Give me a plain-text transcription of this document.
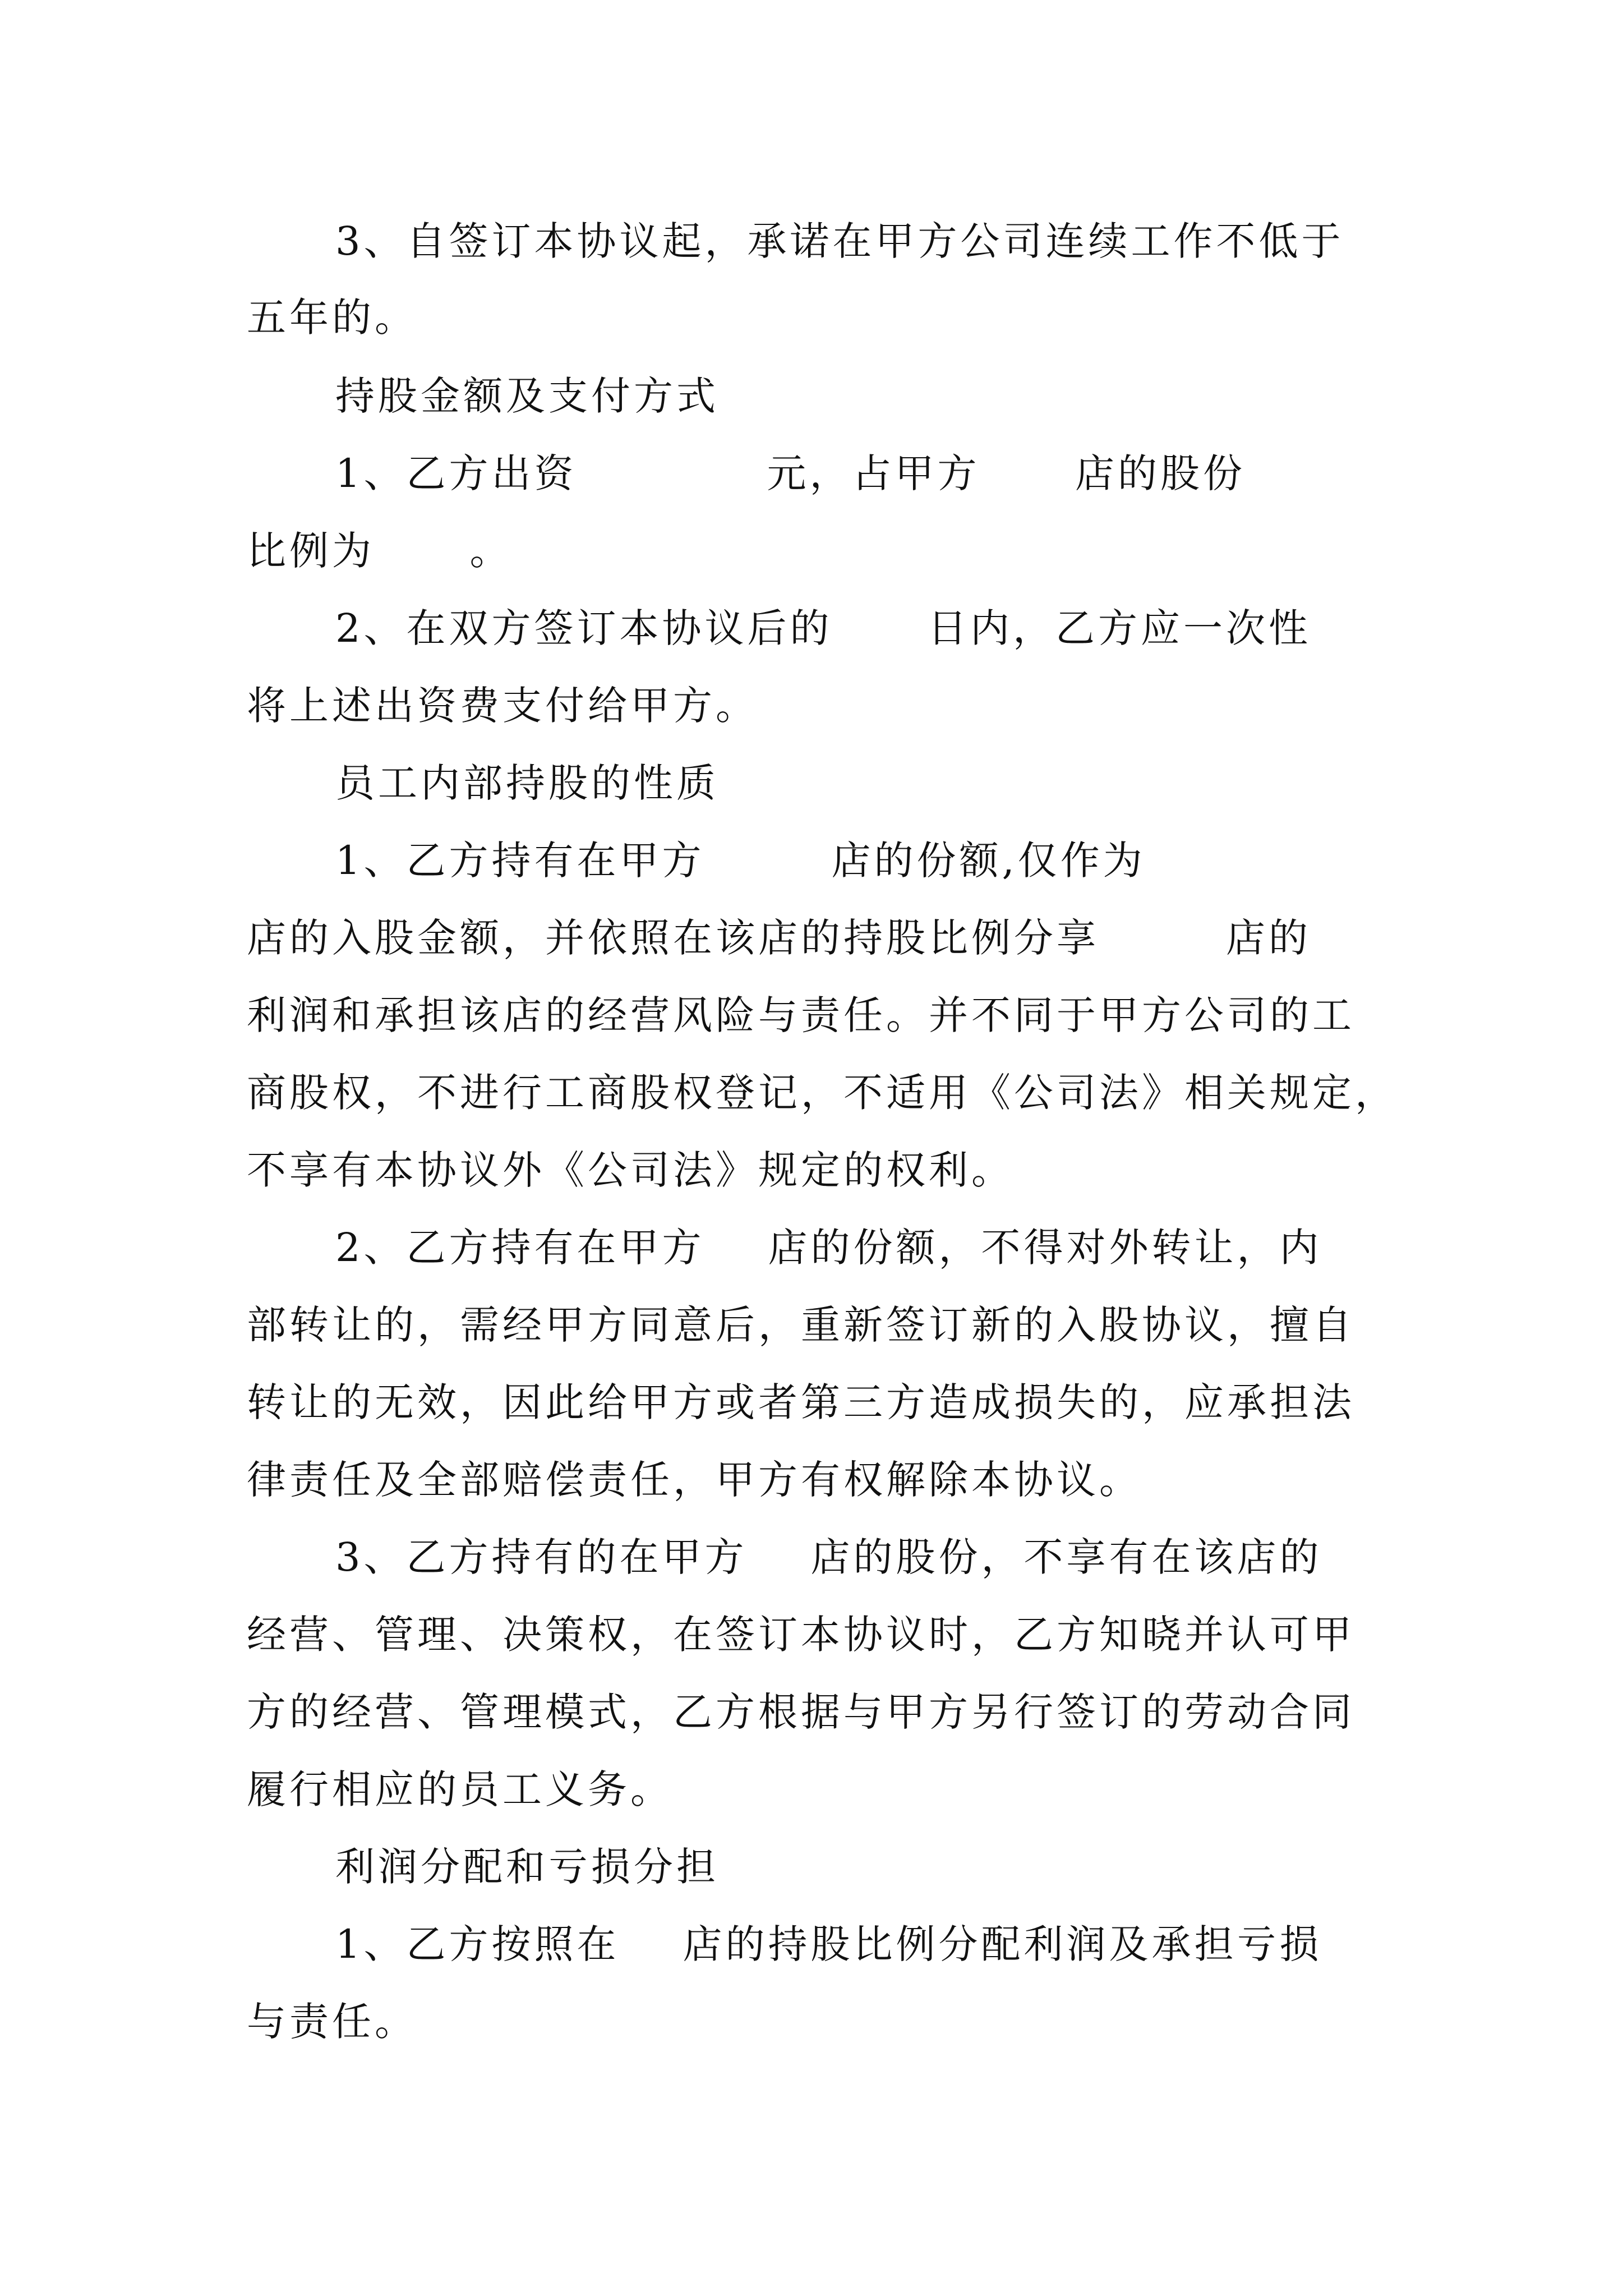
3、自签订本协议起，承诺在甲方公司连续工作不低于
五年的。
持股金额及支付方式
1、乙方出资            元，占甲方      店的股份
比例为      。
2、在双方签订本协议后的      日内，乙方应一次性
将上述出资费支付给甲方。
员工内部持股的性质
1、乙方持有在甲方        店的份额,仅作为
店的入股金额，并依照在该店的持股比例分享        店的
利润和承担该店的经营风险与责任。并不同于甲方公司的工
商股权，不进行工商股权登记，不适用《公司法》相关规定，
不享有本协议外《公司法》规定的权利。
2、乙方持有在甲方    店的份额，不得对外转让，内
部转让的，需经甲方同意后，重新签订新的入股协议，擅自
转让的无效，因此给甲方或者第三方造成损失的，应承担法
律责任及全部赔偿责任，甲方有权解除本协议。
3、乙方持有的在甲方    店的股份，不享有在该店的
经营、管理、决策权，在签订本协议时，乙方知晓并认可甲
方的经营、管理模式，乙方根据与甲方另行签订的劳动合同
履行相应的员工义务。
利润分配和亏损分担
1、乙方按照在    店的持股比例分配利润及承担亏损
与责任。
